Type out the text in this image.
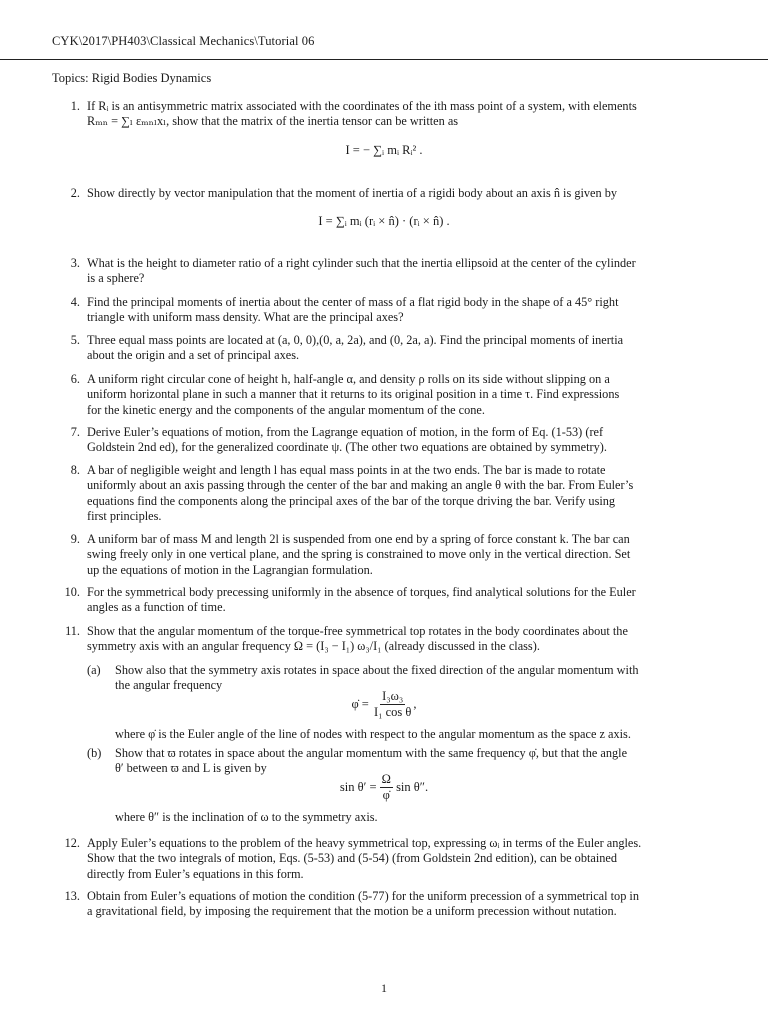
CYK\2017\PH403\Classical Mechanics\Tutorial 06
Topics: Rigid Bodies Dynamics
1. If Rᵢ is an antisymmetric matrix associated with the coordinates of the ith mass point of a system, with elements
Rₘₙ = ∑ₗ εₘₙₗxₗ, show that the matrix of the inertia tensor can be written as
I = − ∑ᵢ mᵢ Rᵢ² .
2. Show directly by vector manipulation that the moment of inertia of a rigidi body about an axis n̂ is given by
I = ∑ᵢ mᵢ (rᵢ × n̂) · (rᵢ × n̂) .
3. What is the height to diameter ratio of a right cylinder such that the inertia ellipsoid at the center of the cylinder
is a sphere?
4. Find the principal moments of inertia about the center of mass of a flat rigid body in the shape of a 45° right
triangle with uniform mass density. What are the principal axes?
5. Three equal mass points are located at (a, 0, 0),(0, a, 2a), and (0, 2a, a). Find the principal moments of inertia
about the origin and a set of principal axes.
6. A uniform right circular cone of height h, half-angle α, and density ρ rolls on its side without slipping on a
uniform horizontal plane in such a manner that it returns to its original position in a time τ. Find expressions
for the kinetic energy and the components of the angular momentum of the cone.
7. Derive Euler’s equations of motion, from the Lagrange equation of motion, in the form of Eq. (1-53) (ref
Goldstein 2nd ed), for the generalized coordinate ψ. (The other two equations are obtained by symmetry).
8. A bar of negligible weight and length l has equal mass points in at the two ends. The bar is made to rotate
uniformly about an axis passing through the center of the bar and making an angle θ with the bar. From Euler’s
equations find the components along the principal axes of the bar of the torque driving the bar. Verify using
first principles.
9. A uniform bar of mass M and length 2l is suspended from one end by a spring of force constant k. The bar can
swing freely only in one vertical plane, and the spring is constrained to move only in the vertical direction. Set
up the equations of motion in the Lagrangian formulation.
10. For the symmetrical body precessing uniformly in the absence of torques, find analytical solutions for the Euler
angles as a function of time.
11. Show that the angular momentum of the torque-free symmetrical top rotates in the body coordinates about the
symmetry axis with an angular frequency Ω = (I₃ − I₁) ω₃/I₁ (already discussed in the class).
(a)	Show also that the symmetry axis rotates in space about the fixed direction of the angular momentum with
the angular frequency
φ̇ = $\frac{\text{I₃ω₃}}{\text{I₁ cos θ}}$ ,
where φ̇ is the Euler angle of the line of nodes with respect to the angular momentum as the space z axis.
(b)	Show that ϖ rotates in space about the angular momentum with the same frequency φ̇, but that the angle
θ′ between ϖ and L is given by
$\sin \theta' = \frac{\Omega}{\varphi̇}$ sin θ″.
where θ″ is the inclination of ω to the symmetry axis.
12. Apply Euler’s equations to the problem of the heavy symmetrical top, expressing ωᵢ in terms of the Euler angles.
Show that the two integrals of motion, Eqs. (5-53) and (5-54) (from Goldstein 2nd edition), can be obtained
directly from Euler’s equations in this form.
13. Obtain from Euler’s equations of motion the condition (5-77) for the uniform precession of a symmetrical top in
a gravitational field, by imposing the requirement that the motion be a uniform precession without nutation.
1
